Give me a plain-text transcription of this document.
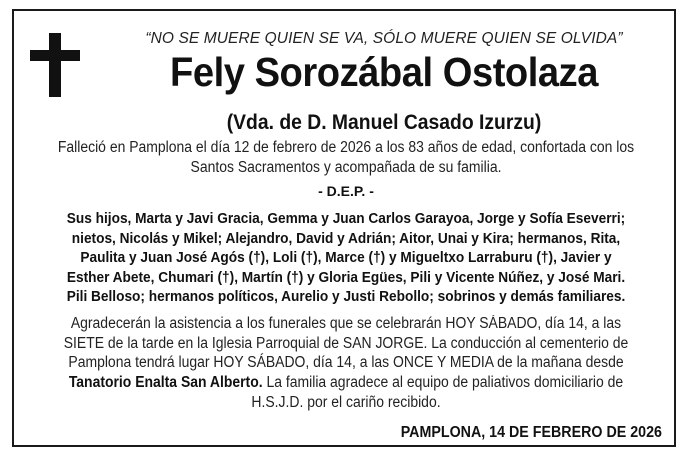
“NO SE MUERE QUIEN SE VA, SÓLO MUERE QUIEN SE OLVIDA”
Fely Sorozábal Ostolaza
(Vda. de D. Manuel Casado Izurzu)
Falleció en Pamplona el día 12 de febrero de 2026 a los 83 años de edad, confortada con los
Santos Sacramentos y acompañada de su familia.
- D.E.P. -
Sus hijos, Marta y Javi Gracia, Gemma y Juan Carlos Garayoa, Jorge y Sofía Eseverri;
nietos, Nicolás y Mikel; Alejandro, David y Adrián; Aitor, Unai y Kira; hermanos, Rita,
Paulita y Juan José Agós (†), Loli (†), Marce (†) y Migueltxo Larraburu (†), Javier y
Esther Abete, Chumari (†), Martín (†) y Gloria Egües, Pili y Vicente Núñez, y José Mari.
Pili Belloso; hermanos políticos, Aurelio y Justi Rebollo; sobrinos y demás familiares.
Agradecerán la asistencia a los funerales que se celebrarán HOY SÁBADO, día 14, a las
SIETE de la tarde en la Iglesia Parroquial de SAN JORGE. La conducción al cementerio de
Pamplona tendrá lugar HOY SÁBADO, día 14, a las ONCE Y MEDIA de la mañana desde
Tanatorio Enalta San Alberto. La familia agradece al equipo de paliativos domiciliario de
H.S.J.D. por el cariño recibido.
PAMPLONA, 14 DE FEBRERO DE 2026
